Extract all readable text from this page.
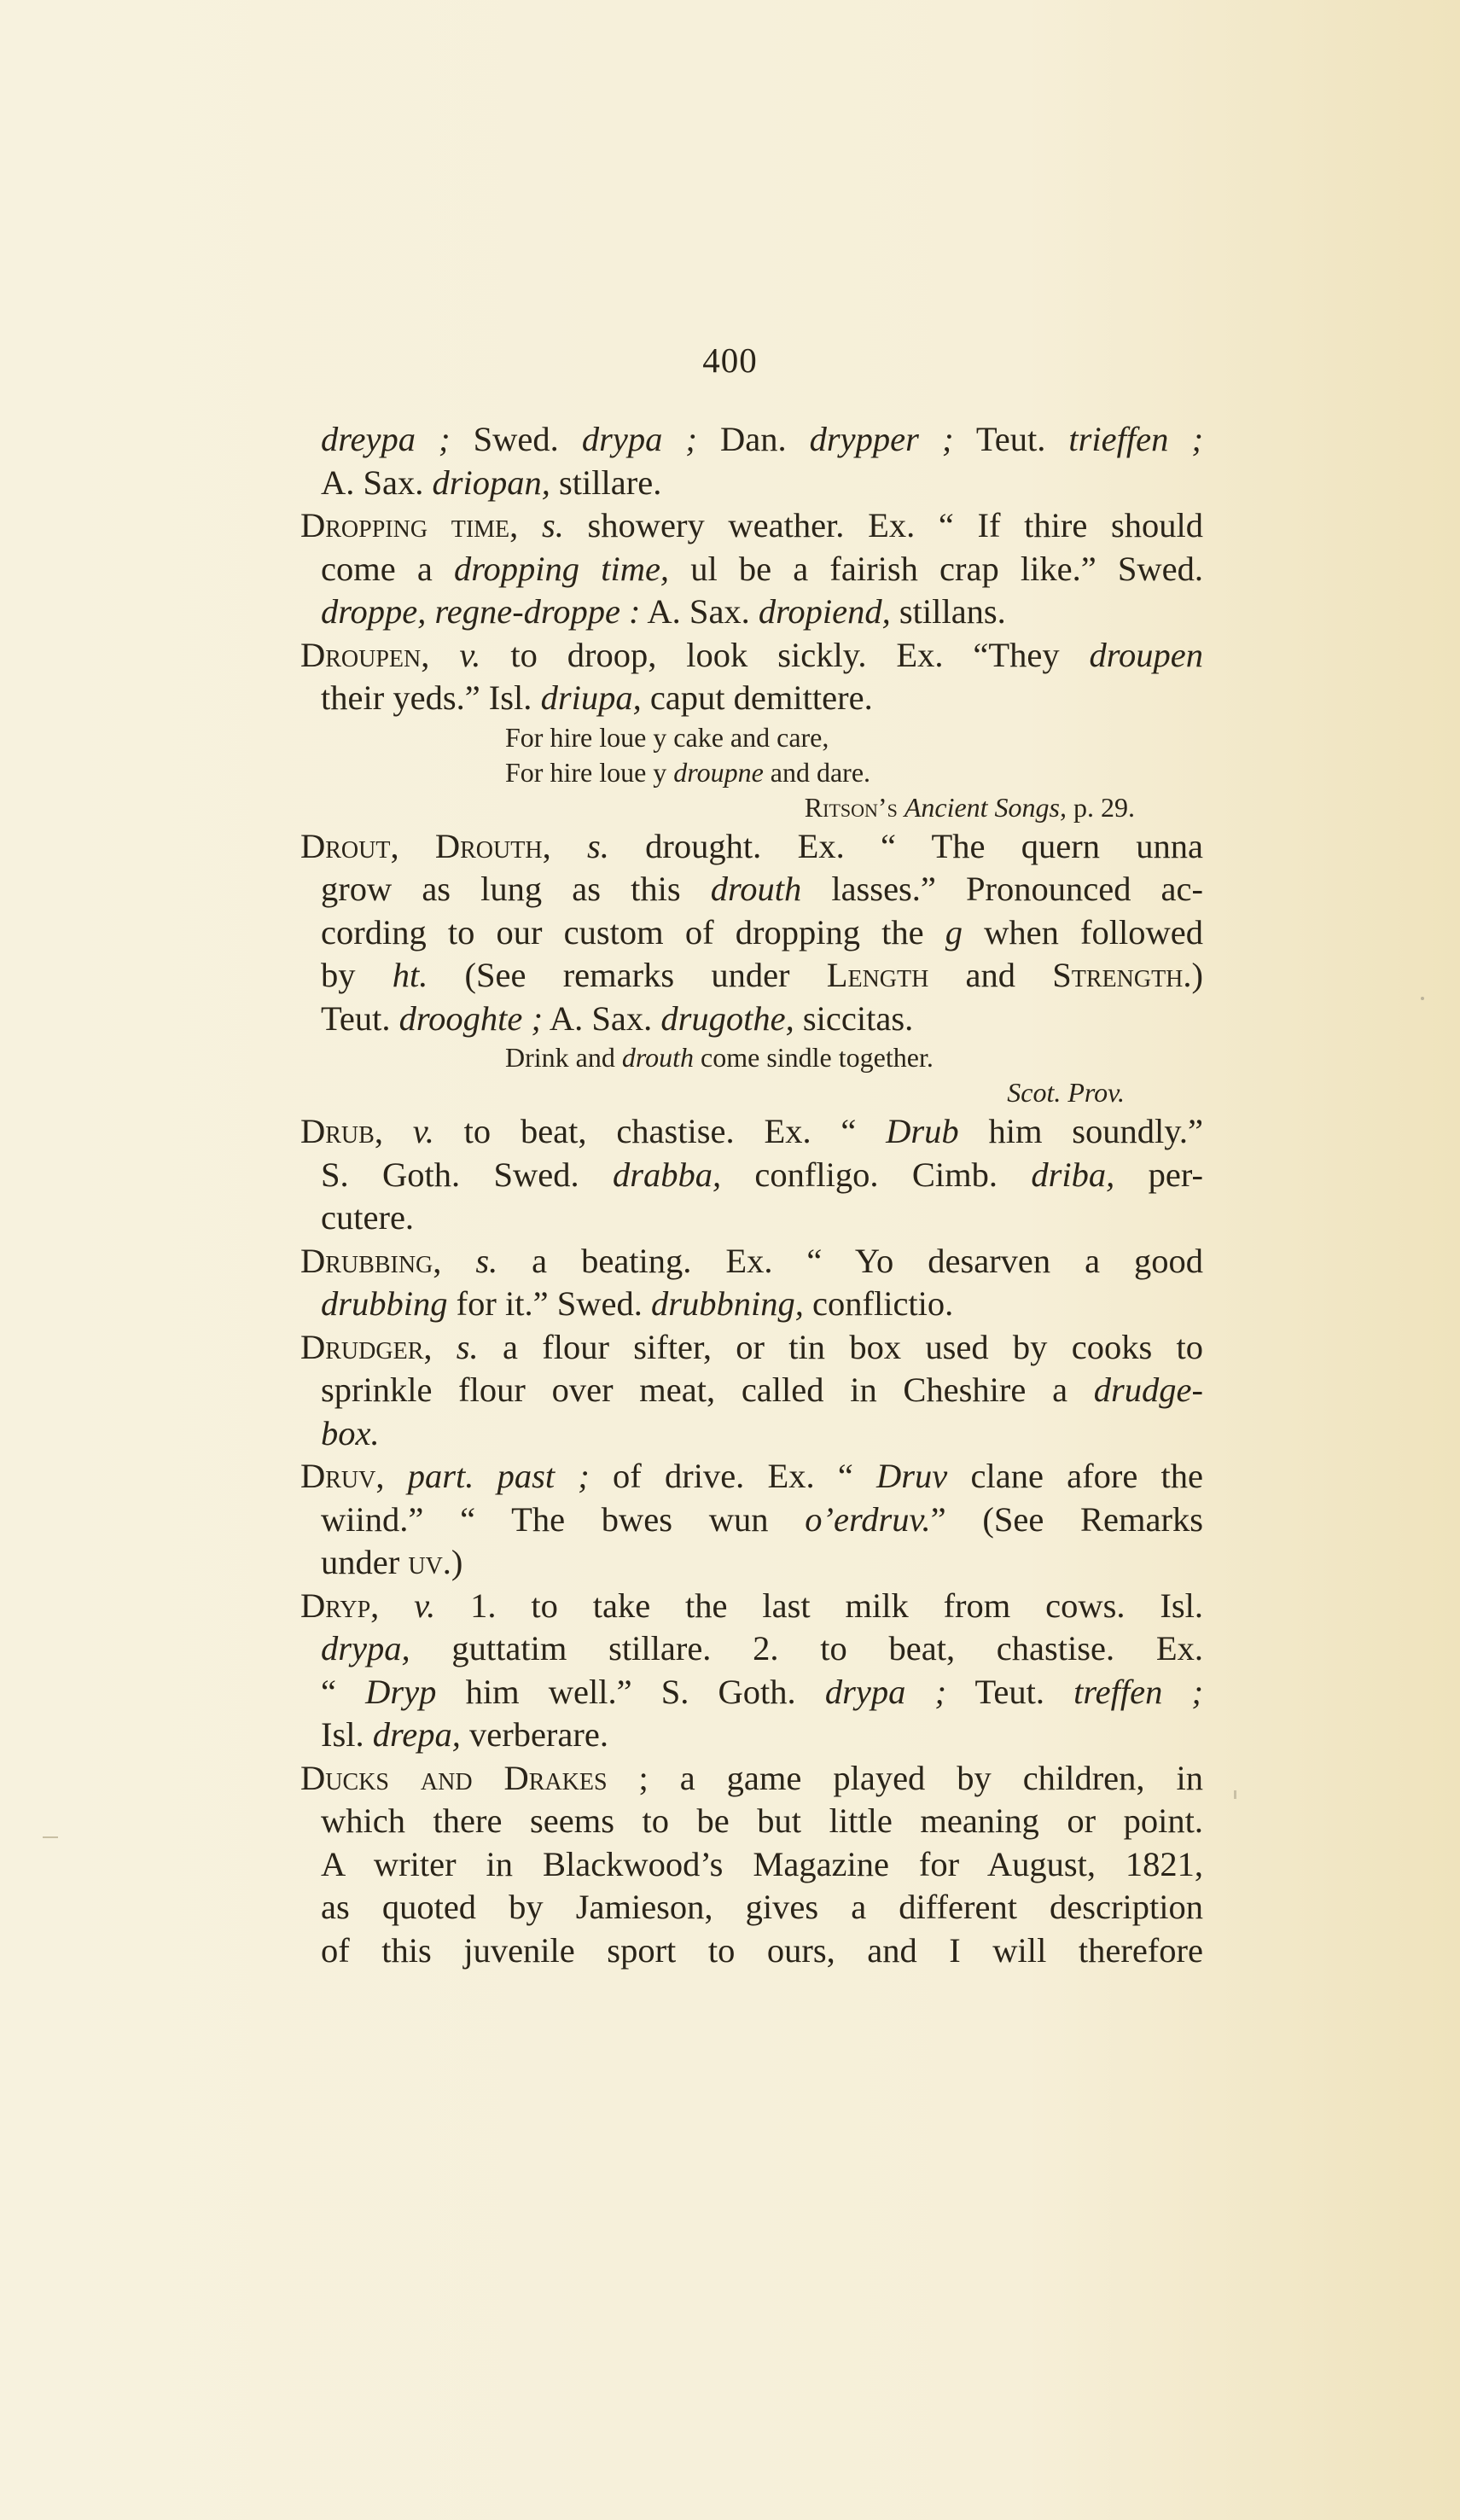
400
dreypa ; Swed. drypa ; Dan. drypper ; Teut. trieffen ;
A. Sax. driopan, stillare.
Dropping time, s. showery weather. Ex. “ If thire should
come a dropping time, ul be a fairish crap like.” Swed.
droppe, regne-droppe : A. Sax. dropiend, stillans.
Droupen, v. to droop, look sickly. Ex. “They droupen
their yeds.” Isl. driupa, caput demittere.
For hire loue y cake and care,
For hire loue y droupne and dare.
Ritson’s Ancient Songs, p. 29.
Drout, Drouth, s. drought. Ex. “ The quern unna
grow as lung as this drouth lasses.” Pronounced ac-
cording to our custom of dropping the g when followed
by ht. (See remarks under Length and Strength.)
Teut. drooghte ; A. Sax. drugothe, siccitas.
Drink and drouth come sindle together.
Scot. Prov.
Drub, v. to beat, chastise. Ex. “ Drub him soundly.”
S. Goth. Swed. drabba, confligo. Cimb. driba, per-
cutere.
Drubbing, s. a beating. Ex. “ Yo desarven a good
drubbing for it.” Swed. drubbning, conflictio.
Drudger, s. a flour sifter, or tin box used by cooks to
sprinkle flour over meat, called in Cheshire a drudge-
box.
Druv, part. past ; of drive. Ex. “ Druv clane afore the
wiind.” “ The bwes wun o’erdruv.” (See Remarks
under uv.)
Dryp, v. 1. to take the last milk from cows. Isl.
drypa, guttatim stillare. 2. to beat, chastise. Ex.
“ Dryp him well.” S. Goth. drypa ; Teut. treffen ;
Isl. drepa, verberare.
Ducks and Drakes ; a game played by children, in
which there seems to be but little meaning or point.
A writer in Blackwood’s Magazine for August, 1821,
as quoted by Jamieson, gives a different description
of this juvenile sport to ours, and I will therefore
